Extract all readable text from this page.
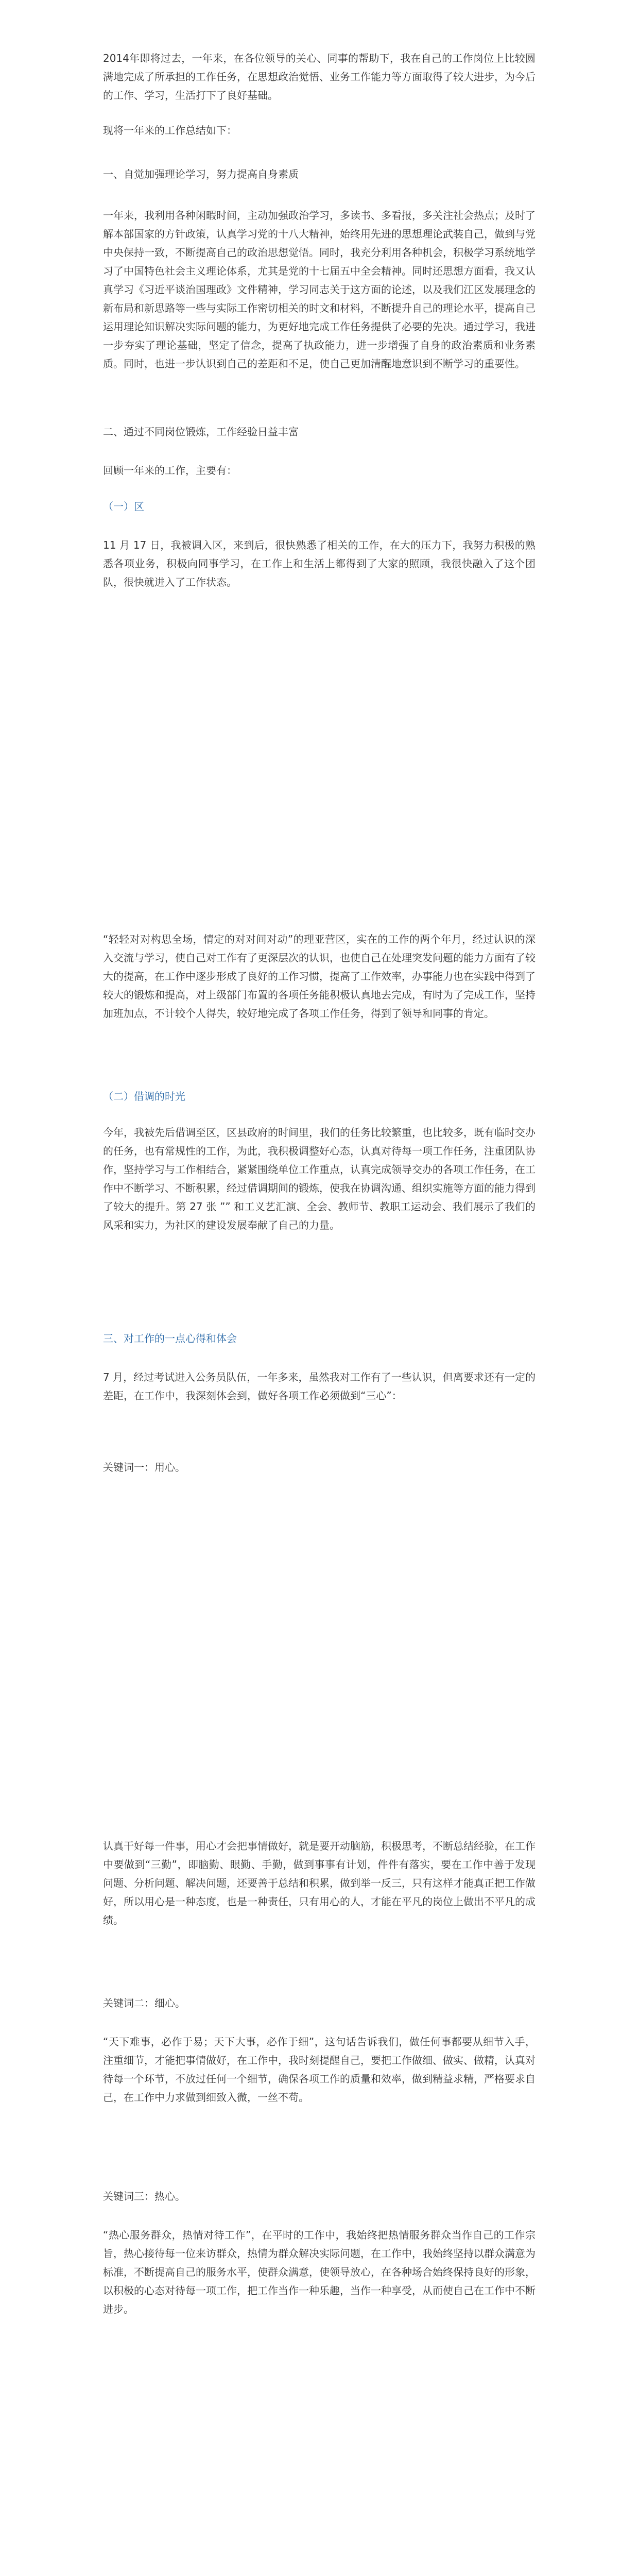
2014年即将过去，一年来，在各位领导的关心、同事的帮助下，我在自己的工作岗位上比较圆满地完成了所承担的工作任务，在思想政治觉悟、业务工作能力等方面取得了较大进步，为今后的工作、学习，生活打下了良好基础。

现将一年来的工作总结如下：

一、自觉加强理论学习，努力提高自身素质

一年来，我利用各种闲暇时间，主动加强政治学习，多读书、多看报，多关注社会热点；及时了解本部国家的方针政策，认真学习党的十八大精神，始终用先进的思想理论武装自己，做到与党中央保持一致，不断提高自己的政治思想觉悟。同时，我充分利用各种机会，积极学习系统地学习了中国特色社会主义理论体系，尤其是党的十七届五中全会精神。同时还思想方面看，我又认真学习《习近平谈治国理政》文件精神，学习同志关于这方面的论述，以及我们江区发展理念的新布局和新思路等一些与实际工作密切相关的时文和材料，不断提升自己的理论水平，提高自己运用理论知识解决实际问题的能力，为更好地完成工作任务提供了必要的先决。通过学习，我进一步夯实了理论基础，坚定了信念，提高了执政能力，进一步增强了自身的政治素质和业务素质。同时，也进一步认识到自己的差距和不足，使自己更加清醒地意识到不断学习的重要性。

二、通过不同岗位锻炼，工作经验日益丰富

回顾一年来的工作，主要有：

（一）区

11 月 17 日，我被调入区，来到后，很快熟悉了相关的工作，在大的压力下，我努力积极的熟悉各项业务，积极向同事学习，在工作上和生活上都得到了大家的照顾，我很快融入了这个团队，很快就进入了工作状态。

“轻轻对对构思全场，情定的对对间对动”的理亚营区，实在的工作的两个年月，经过认识的深入交流与学习，使自己对工作有了更深层次的认识，也使自己在处理突发问题的能力方面有了较大的提高，在工作中逐步形成了良好的工作习惯，提高了工作效率，办事能力也在实践中得到了较大的锻炼和提高，对上级部门布置的各项任务能积极认真地去完成，有时为了完成工作，坚持加班加点，不计较个人得失，较好地完成了各项工作任务，得到了领导和同事的肯定。

（二）借调的时光

今年，我被先后借调至区，区县政府的时间里，我们的任务比较繁重，也比较多，既有临时交办的任务，也有常规性的工作，为此，我积极调整好心态，认真对待每一项工作任务，注重团队协作，坚持学习与工作相结合，紧紧围绕单位工作重点，认真完成领导交办的各项工作任务，在工作中不断学习、不断积累，经过借调期间的锻炼，使我在协调沟通、组织实施等方面的能力得到了较大的提升。第 27 张 ”” 和工义艺汇演、全会、教师节、教职工运动会、我们展示了我们的风采和实力，为社区的建设发展奉献了自己的力量。

三、对工作的一点心得和体会

7 月，经过考试进入公务员队伍，一年多来，虽然我对工作有了一些认识，但离要求还有一定的差距，在工作中，我深刻体会到，做好各项工作必须做到“三心”：

关键词一：用心。

认真干好每一件事，用心才会把事情做好，就是要开动脑筋，积极思考，不断总结经验，在工作中要做到“三勤”，即脑勤、眼勤、手勤，做到事事有计划，件件有落实，要在工作中善于发现问题、分析问题、解决问题，还要善于总结和积累，做到举一反三，只有这样才能真正把工作做好，所以用心是一种态度，也是一种责任，只有用心的人，才能在平凡的岗位上做出不平凡的成绩。

关键词二：细心。

“天下难事，必作于易；天下大事，必作于细”，这句话告诉我们，做任何事都要从细节入手，注重细节，才能把事情做好，在工作中，我时刻提醒自己，要把工作做细、做实、做精，认真对待每一个环节，不放过任何一个细节，确保各项工作的质量和效率，做到精益求精，严格要求自己，在工作中力求做到细致入微，一丝不苟。

关键词三：热心。

“热心服务群众，热情对待工作”，在平时的工作中，我始终把热情服务群众当作自己的工作宗旨，热心接待每一位来访群众，热情为群众解决实际问题，在工作中，我始终坚持以群众满意为标准，不断提高自己的服务水平，使群众满意，使领导放心，在各种场合始终保持良好的形象，以积极的心态对待每一项工作，把工作当作一种乐趣，当作一种享受，从而使自己在工作中不断进步。
